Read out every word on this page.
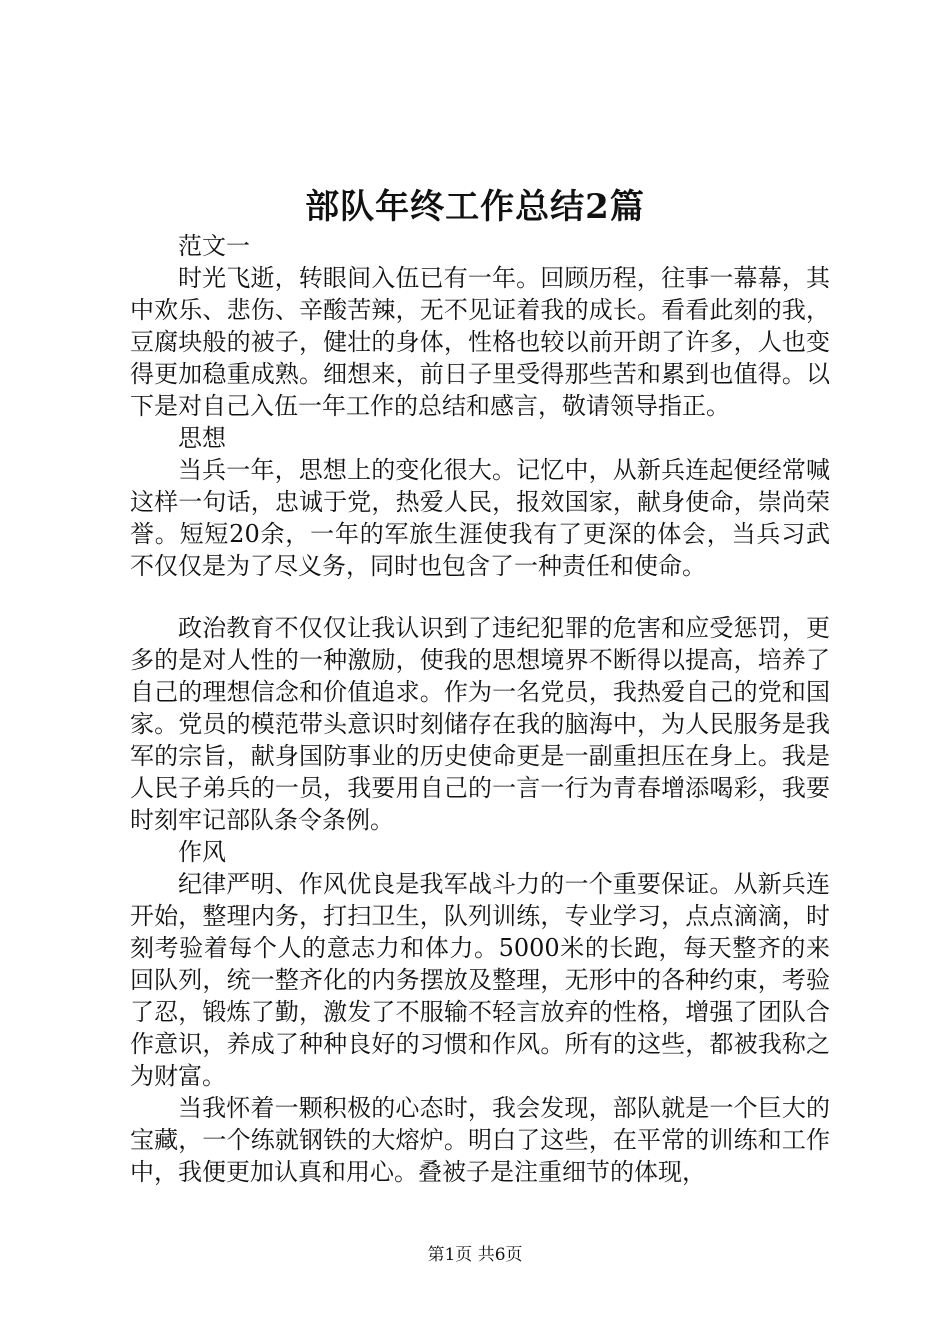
部队年终工作总结2篇

范文一

时光飞逝，转眼间入伍已有一年。回顾历程，往事一幕幕，其中欢乐、悲伤、辛酸苦辣，无不见证着我的成长。看看此刻的我，豆腐块般的被子，健壮的身体，性格也较以前开朗了许多，人也变得更加稳重成熟。细想来，前日子里受得那些苦和累到也值得。以下是对自己入伍一年工作的总结和感言，敬请领导指正。

思想

当兵一年，思想上的变化很大。记忆中，从新兵连起便经常喊这样一句话，忠诚于党，热爱人民，报效国家，献身使命，崇尚荣誉。短短20余，一年的军旅生涯使我有了更深的体会，当兵习武不仅仅是为了尽义务，同时也包含了一种责任和使命。

政治教育不仅仅让我认识到了违纪犯罪的危害和应受惩罚，更多的是对人性的一种激励，使我的思想境界不断得以提高，培养了自己的理想信念和价值追求。作为一名党员，我热爱自己的党和国家。党员的模范带头意识时刻储存在我的脑海中，为人民服务是我军的宗旨，献身国防事业的历史使命更是一副重担压在身上。我是人民子弟兵的一员，我要用自己的一言一行为青春增添喝彩，我要时刻牢记部队条令条例。

作风

纪律严明、作风优良是我军战斗力的一个重要保证。从新兵连开始，整理内务，打扫卫生，队列训练，专业学习，点点滴滴，时刻考验着每个人的意志力和体力。5000米的长跑，每天整齐的来回队列，统一整齐化的内务摆放及整理，无形中的各种约束，考验了忍，锻炼了勤，激发了不服输不轻言放弃的性格，增强了团队合作意识，养成了种种良好的习惯和作风。所有的这些，都被我称之为财富。

当我怀着一颗积极的心态时，我会发现，部队就是一个巨大的宝藏，一个练就钢铁的大熔炉。明白了这些，在平常的训练和工作中，我便更加认真和用心。叠被子是注重细节的体现，

第1页 共6页
